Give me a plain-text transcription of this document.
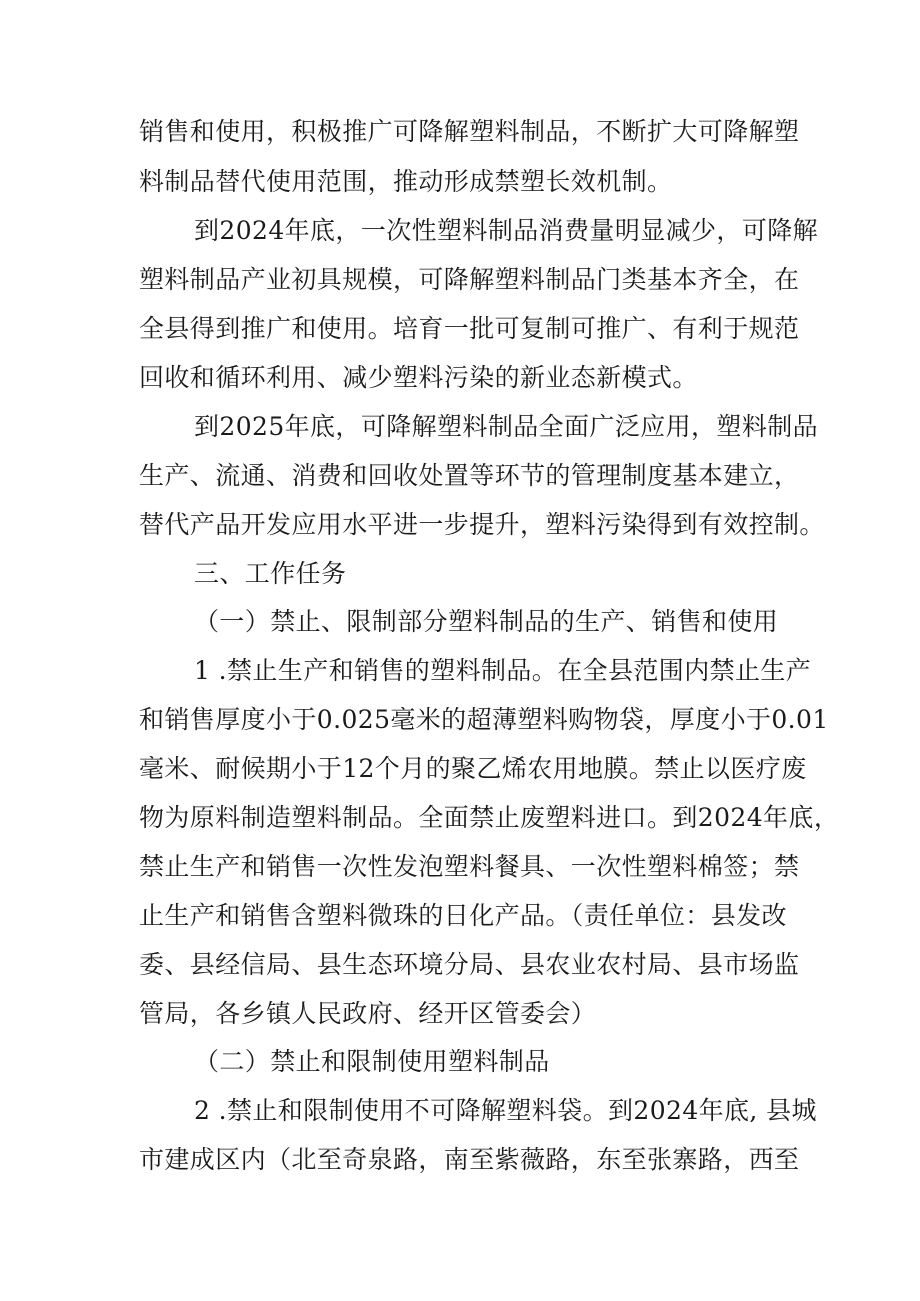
销售和使用，积极推广可降解塑料制品，不断扩大可降解塑
料制品替代使用范围，推动形成禁塑长效机制。
到2024年底，一次性塑料制品消费量明显减少，可降解
塑料制品产业初具规模，可降解塑料制品门类基本齐全，在
全县得到推广和使用。培育一批可复制可推广、有利于规范
回收和循环利用、减少塑料污染的新业态新模式。
到2025年底，可降解塑料制品全面广泛应用，塑料制品
生产、流通、消费和回收处置等环节的管理制度基本建立，
替代产品开发应用水平进一步提升，塑料污染得到有效控制。
三、工作任务
（一）禁止、限制部分塑料制品的生产、销售和使用
1 .禁止生产和销售的塑料制品。在全县范围内禁止生产
和销售厚度小于0.025毫米的超薄塑料购物袋，厚度小于0.01
毫米、耐候期小于12个月的聚乙烯农用地膜。禁止以医疗废
物为原料制造塑料制品。全面禁止废塑料进口。到2024年底，
禁止生产和销售一次性发泡塑料餐具、一次性塑料棉签；禁
止生产和销售含塑料微珠的日化产品。（责任单位：县发改
委、县经信局、县生态环境分局、县农业农村局、县市场监
管局，各乡镇人民政府、经开区管委会）
（二）禁止和限制使用塑料制品
2 .禁止和限制使用不可降解塑料袋。到2024年底, 县城
市建成区内（北至奇泉路，南至紫薇路，东至张寨路，西至
